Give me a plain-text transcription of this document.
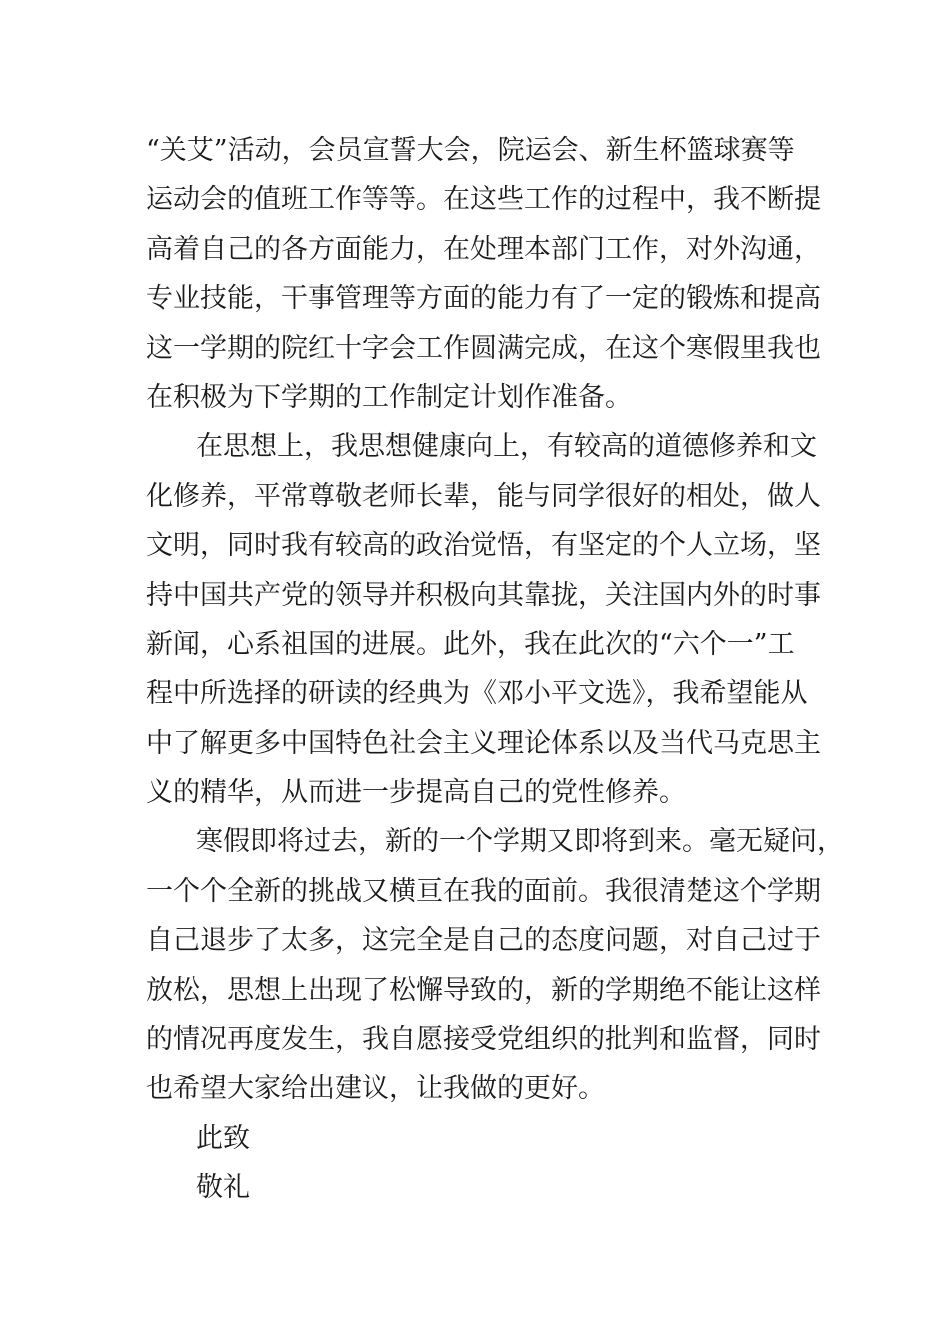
“关艾”活动，会员宣誓大会，院运会、新生杯篮球赛等
运动会的值班工作等等。在这些工作的过程中，我不断提
高着自己的各方面能力，在处理本部门工作，对外沟通，
专业技能，干事管理等方面的能力有了一定的锻炼和提高
这一学期的院红十字会工作圆满完成，在这个寒假里我也
在积极为下学期的工作制定计划作准备。
在思想上，我思想健康向上，有较高的道德修养和文
化修养，平常尊敬老师长辈，能与同学很好的相处，做人
文明，同时我有较高的政治觉悟，有坚定的个人立场，坚
持中国共产党的领导并积极向其靠拢，关注国内外的时事
新闻，心系祖国的进展。此外，我在此次的“六个一”工
程中所选择的研读的经典为《邓小平文选》，我希望能从
中了解更多中国特色社会主义理论体系以及当代马克思主
义的精华，从而进一步提高自己的党性修养。
寒假即将过去，新的一个学期又即将到来。毫无疑问，
一个个全新的挑战又横亘在我的面前。我很清楚这个学期
自己退步了太多，这完全是自己的态度问题，对自己过于
放松，思想上出现了松懈导致的，新的学期绝不能让这样
的情况再度发生，我自愿接受党组织的批判和监督，同时
也希望大家给出建议，让我做的更好。
此致
敬礼
